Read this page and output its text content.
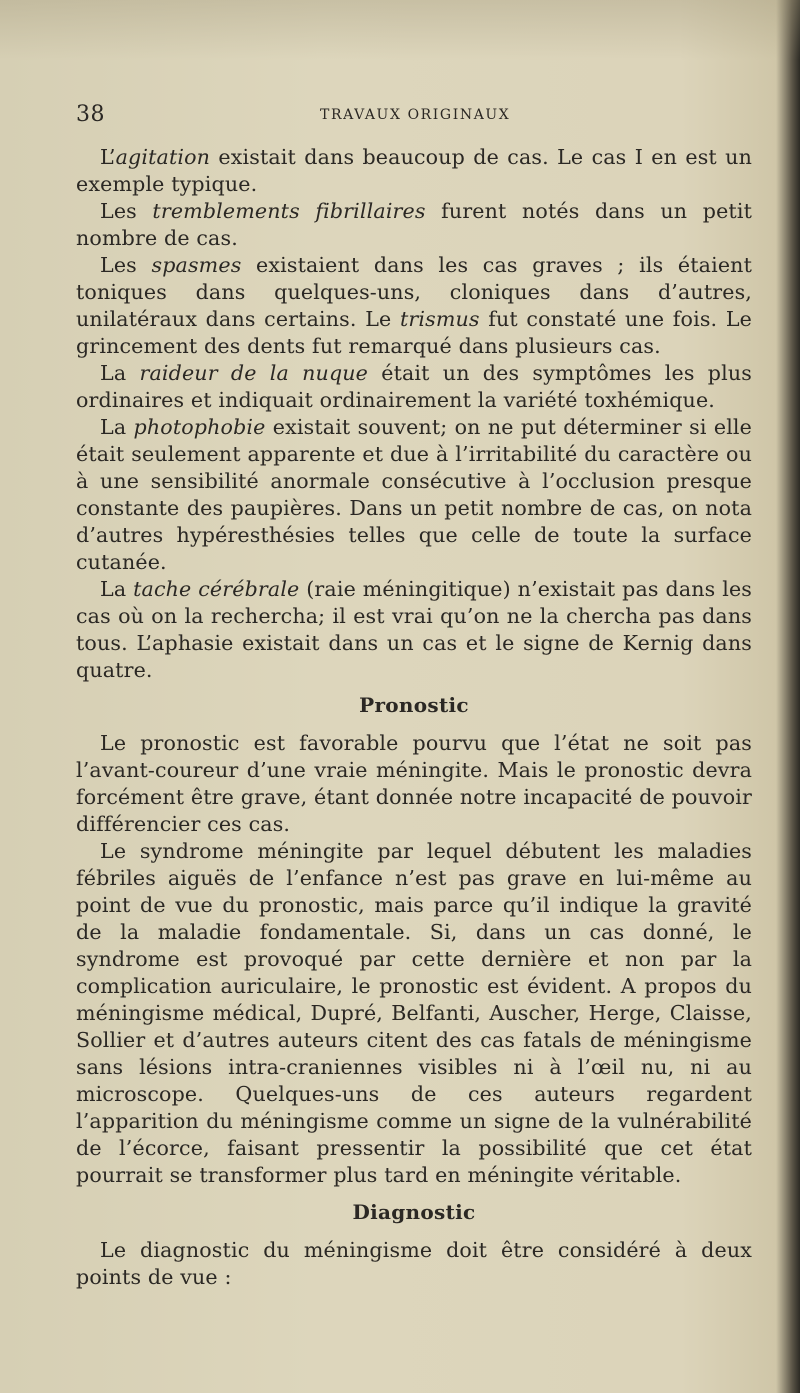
38	TRAVAUX ORIGINAUX

L’agitation existait dans beaucoup de cas. Le cas I en est un exemple typique.

Les tremblements fibrillaires furent notés dans un petit nombre de cas.

Les spasmes existaient dans les cas graves ; ils étaient toniques dans quelques-uns, cloniques dans d’autres, unilatéraux dans certains. Le trismus fut constaté une fois. Le grincement des dents fut remarqué dans plusieurs cas.

La raideur de la nuque était un des symptômes les plus ordinaires et indiquait ordinairement la variété toxhémique.

La photophobie existait souvent; on ne put déterminer si elle était seulement apparente et due à l’irritabilité du caractère ou à une sensibilité anormale consécutive à l’occlusion presque constante des paupières. Dans un petit nombre de cas, on nota d’autres hypéresthésies telles que celle de toute la surface cutanée.

La tache cérébrale (raie méningitique) n’existait pas dans les cas où on la rechercha; il est vrai qu’on ne la chercha pas dans tous. L’aphasie existait dans un cas et le signe de Kernig dans quatre.

Pronostic

Le pronostic est favorable pourvu que l’état ne soit pas l’avant-coureur d’une vraie méningite. Mais le pronostic devra forcément être grave, étant donnée notre incapacité de pouvoir différencier ces cas.

Le syndrome méningite par lequel débutent les maladies fébriles aiguës de l’enfance n’est pas grave en lui-même au point de vue du pronostic, mais parce qu’il indique la gravité de la maladie fondamentale. Si, dans un cas donné, le syndrome est provoqué par cette dernière et non par la complication auriculaire, le pronostic est évident. A propos du méningisme médical, Dupré, Belfanti, Auscher, Herge, Claisse, Sollier et d’autres auteurs citent des cas fatals de méningisme sans lésions intra-craniennes visibles ni à l’œil nu, ni au microscope. Quelques-uns de ces auteurs regardent l’apparition du méningisme comme un signe de la vulnérabilité de l’écorce, faisant pressentir la possibilité que cet état pourrait se transformer plus tard en méningite véritable.

Diagnostic

Le diagnostic du méningisme doit être considéré à deux points de vue :
